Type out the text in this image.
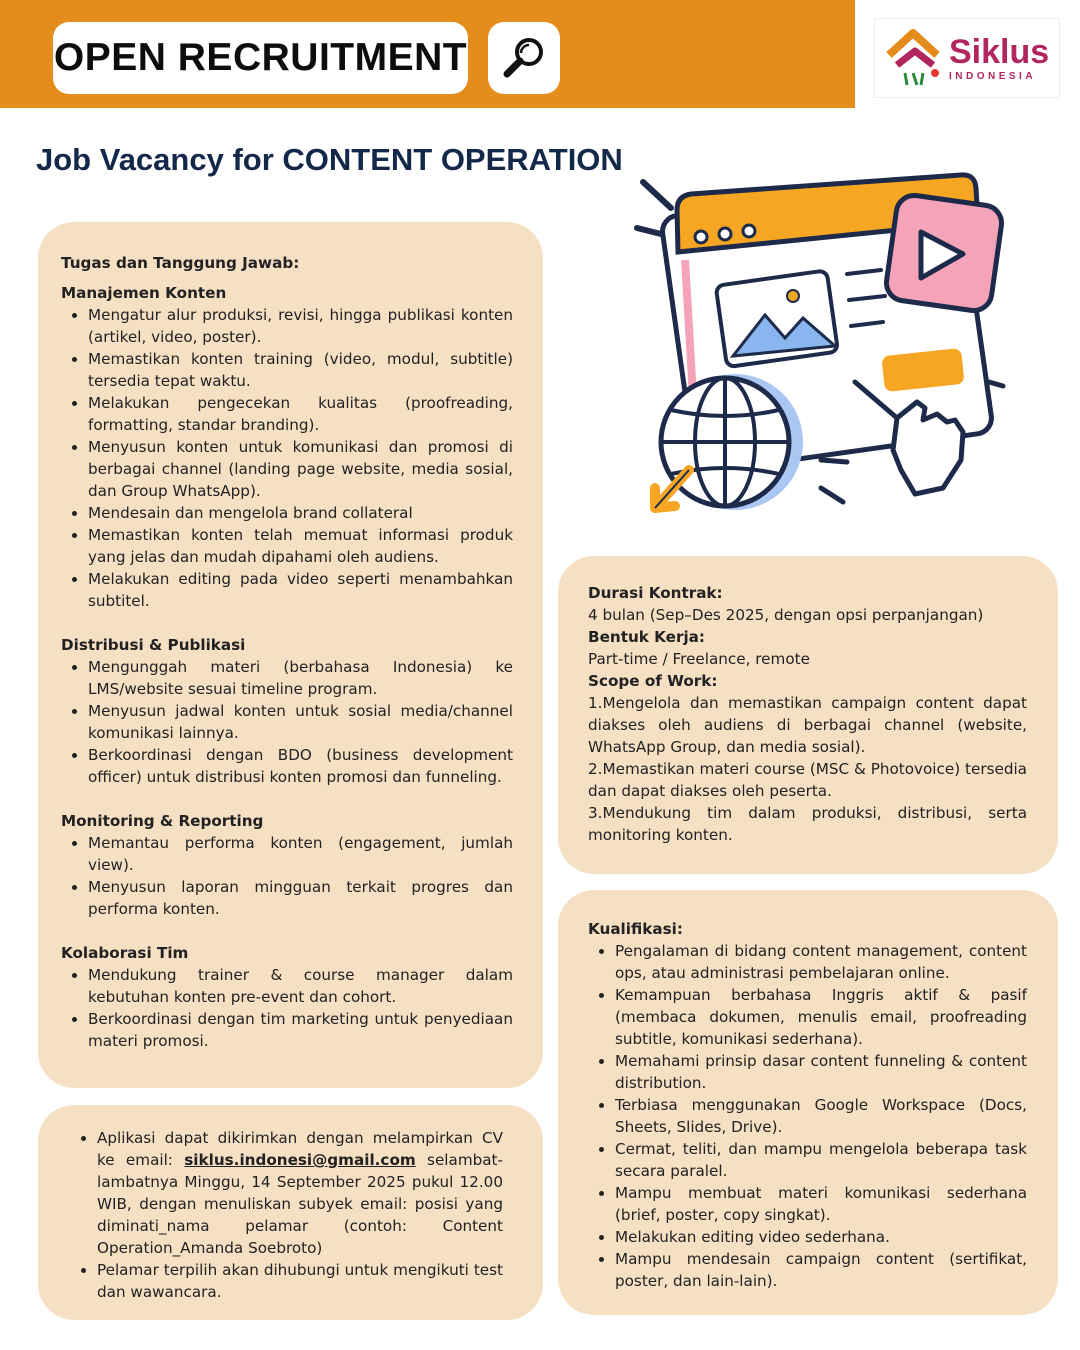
OPEN RECRUITMENT	Siklus
INDONESIA
Job Vacancy for CONTENT OPERATION

Tugas dan Tanggung Jawab:

Manajemen Konten

• Mengatur alur produksi, revisi, hingga publikasi konten (artikel, video, poster).
• Memastikan konten training (video, modul, subtitle) tersedia tepat waktu.
• Melakukan pengecekan kualitas (proofreading, formatting, standar branding).
• Menyusun konten untuk komunikasi dan promosi di berbagai channel (landing page website, media sosial, dan Group WhatsApp).
• Mendesain dan mengelola brand collateral
• Memastikan konten telah memuat informasi produk yang jelas dan mudah dipahami oleh audiens.
• Melakukan editing pada video seperti menambahkan subtitel.

Distribusi & Publikasi

• Mengunggah materi (berbahasa Indonesia) ke LMS/website sesuai timeline program.
• Menyusun jadwal konten untuk sosial media/channel komunikasi lainnya.
• Berkoordinasi dengan BDO (business development officer) untuk distribusi konten promosi dan funneling.

Monitoring & Reporting

• Memantau performa konten (engagement, jumlah view).
• Menyusun laporan mingguan terkait progres dan performa konten.

Kolaborasi Tim

• Mendukung trainer & course manager dalam kebutuhan konten pre-event dan cohort.
• Berkoordinasi dengan tim marketing untuk penyediaan materi promosi.

Durasi Kontrak:

4 bulan (Sep–Des 2025, dengan opsi perpanjangan)

Bentuk Kerja:

Part-time / Freelance, remote

Scope of Work:

1.Mengelola dan memastikan campaign content dapat diakses oleh audiens di berbagai channel (website, WhatsApp Group, dan media sosial).
2.Memastikan materi course (MSC & Photovoice) tersedia dan dapat diakses oleh peserta.
3.Mendukung tim dalam produksi, distribusi, serta monitoring konten.

Kualifikasi:

• Pengalaman di bidang content management, content ops, atau administrasi pembelajaran online.
• Kemampuan berbahasa Inggris aktif & pasif (membaca dokumen, menulis email, proofreading subtitle, komunikasi sederhana).
• Memahami prinsip dasar content funneling & content distribution.
• Terbiasa menggunakan Google Workspace (Docs, Sheets, Slides, Drive).
• Cermat, teliti, dan mampu mengelola beberapa task secara paralel.
• Mampu membuat materi komunikasi sederhana (brief, poster, copy singkat).
• Melakukan editing video sederhana.
• Mampu mendesain campaign content (sertifikat, poster, dan lain-lain).
• Aplikasi dapat dikirimkan dengan melampirkan CV ke email: siklus.indonesi@gmail.com selambat-lambatnya Minggu, 14 September 2025 pukul 12.00 WIB, dengan menuliskan subyek email: posisi yang diminati_nama pelamar (contoh: Content Operation_Amanda Soebroto)
• Pelamar terpilih akan dihubungi untuk mengikuti test dan wawancara.
